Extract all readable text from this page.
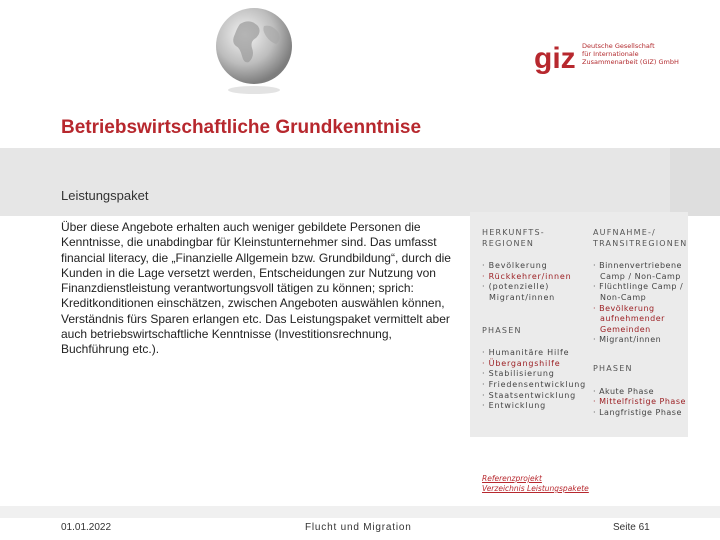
giz Deutsche Gesellschaft
für Internationale
Zusammenarbeit (GIZ) GmbH
Betriebswirtschaftliche Grundkenntnise
Leistungspaket
Über diese Angebote erhalten auch weniger gebildete Personen die Kenntnisse, die unabdingbar für Kleinstunternehmer sind. Das umfasst financial literacy, die „Finanzielle Allgemein bzw. Grundbildung“, durch die Kunden in die Lage versetzt werden, Entscheidungen zur Nutzung von Finanzdienstleistung verantwortungsvoll tätigen zu können; sprich: Kreditkonditionen einschätzen, zwischen Angeboten auswählen können, Verständnis fürs Sparen erlangen etc. Das Leistungspaket vermittelt aber auch betriebswirtschaftliche Kenntnisse (Investitionsrechnung, Buchführung etc.).
HERKUNFTS-
REGIONEN
· Bevölkerung
· Rückkehrer/innen
· (potenzielle)
Migrant/innen
PHASEN
· Humanitäre Hilfe
· Übergangshilfe
· Stabilisierung
· Friedensentwicklung
· Staatsentwicklung
· Entwicklung
AUFNAHME-/
TRANSITREGIONEN
· Binnenvertriebene Camp / Non-Camp
· Flüchtlinge Camp / Non-Camp
· Bevölkerung aufnehmender Gemeinden
· Migrant/innen
PHASEN
· Akute Phase
· Mittelfristige Phase
· Langfristige Phase
Referenzprojekt
Verzeichnis Leistungspakete
01.01.2022	Flucht und Migration	Seite 61
